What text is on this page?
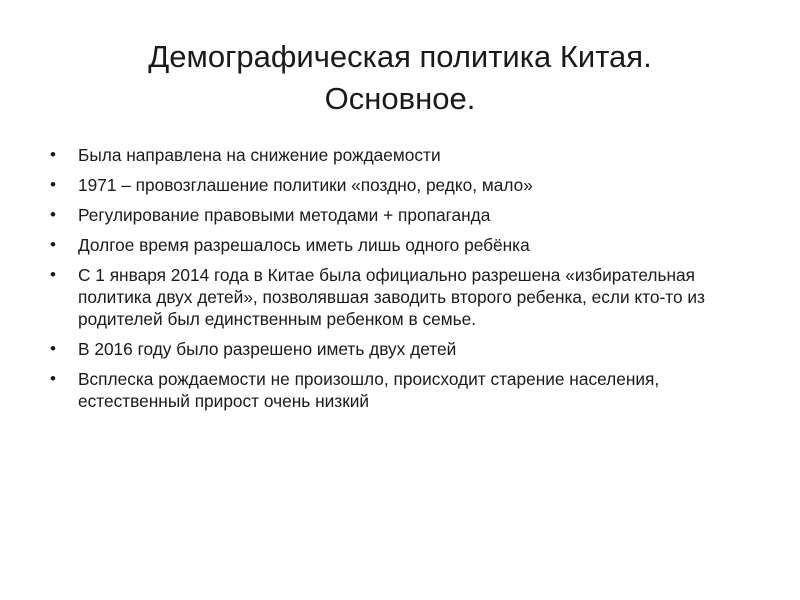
Демографическая политика Китая.
Основное.
• Была направлена на снижение рождаемости
• 1971 – провозглашение политики «поздно, редко, мало»
• Регулирование правовыми методами + пропаганда
• Долгое время разрешалось иметь лишь одного ребёнка
• С 1 января 2014 года в Китае была официально разрешена «избирательная политика двух детей», позволявшая заводить второго ребенка, если кто-то из родителей был единственным ребенком в семье.
• В 2016 году было разрешено иметь двух детей
• Всплеска рождаемости не произошло, происходит старение населения, естественный прирост очень низкий
